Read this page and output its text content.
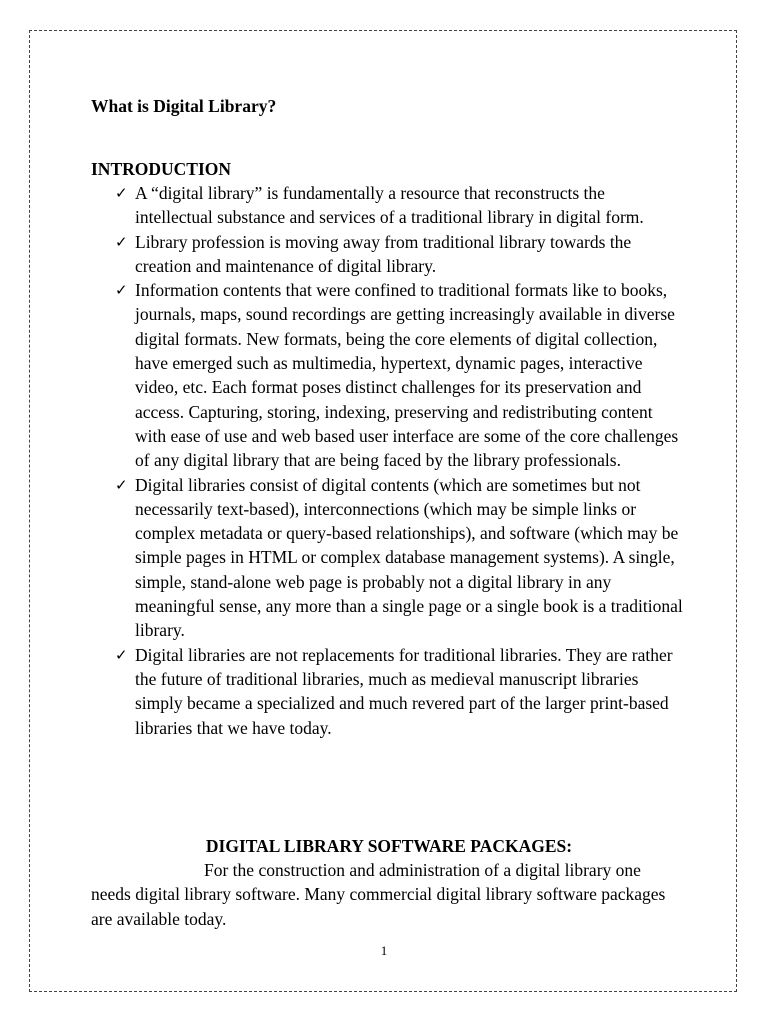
What is Digital Library?
INTRODUCTION
✓ A “digital library” is fundamentally a resource that reconstructs the intellectual substance and services of a traditional library in digital form.
✓ Library profession is moving away from traditional library towards the creation and maintenance of digital library.
✓ Information contents that were confined to traditional formats like to books, journals, maps, sound recordings are getting increasingly available in diverse digital formats. New formats, being the core elements of digital collection, have emerged such as multimedia, hypertext, dynamic pages, interactive video, etc. Each format poses distinct challenges for its preservation and access. Capturing, storing, indexing, preserving and redistributing content with ease of use and web based user interface are some of the core challenges of any digital library that are being faced by the library professionals.
✓ Digital libraries consist of digital contents (which are sometimes but not necessarily text-based), interconnections (which may be simple links or complex metadata or query-based relationships), and software (which may be simple pages in HTML or complex database management systems). A single, simple, stand-alone web page is probably not a digital library in any meaningful sense, any more than a single page or a single book is a traditional library.
✓ Digital libraries are not replacements for traditional libraries. They are rather the future of traditional libraries, much as medieval manuscript libraries simply became a specialized and much revered part of the larger print-based libraries that we have today.
DIGITAL LIBRARY SOFTWARE PACKAGES:

For the construction and administration of a digital library one needs digital library software. Many commercial digital library software packages are available today.

1
